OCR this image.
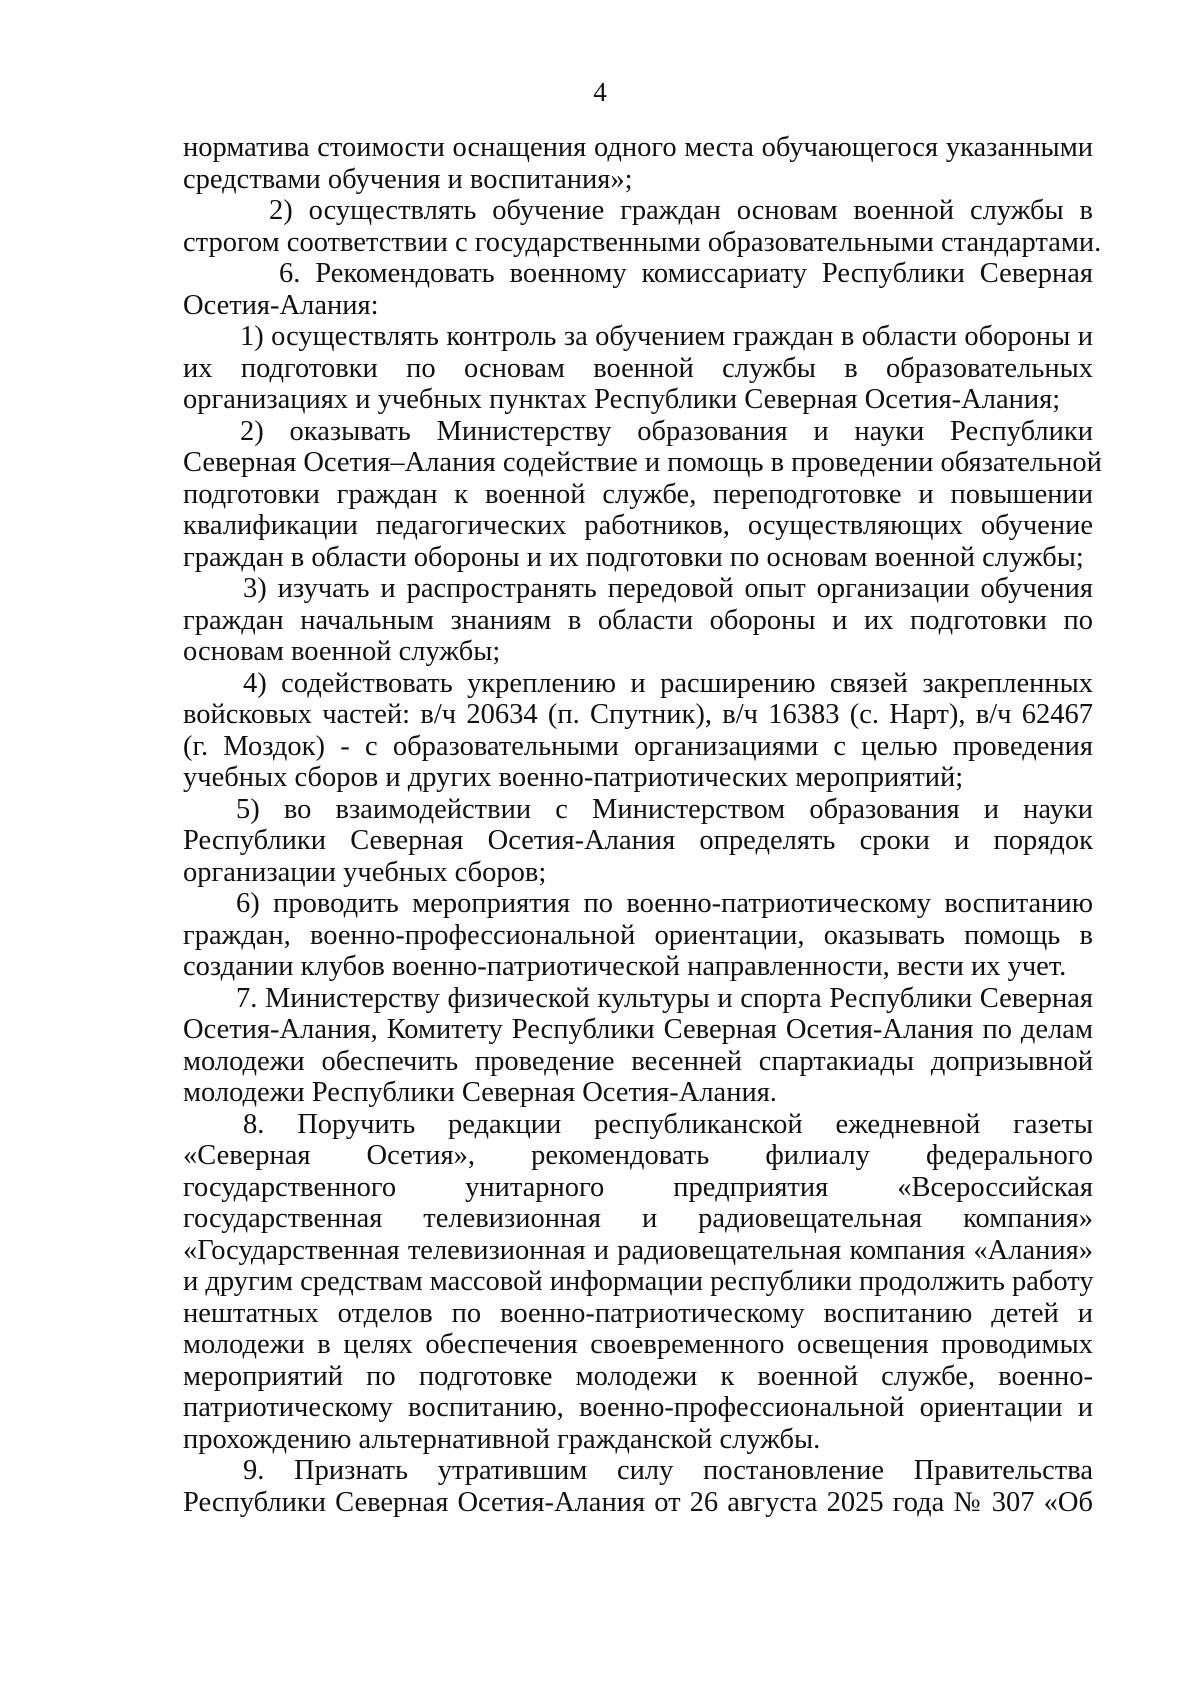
4
норматива стоимости оснащения одного места обучающегося указанными
средствами обучения и воспитания»;
2) осуществлять обучение граждан основам военной службы в
строгом соответствии с государственными образовательными стандартами.
6. Рекомендовать военному комиссариату Республики Северная
Осетия-Алания:
1) осуществлять контроль за обучением граждан в области обороны и
их подготовки по основам военной службы в образовательных
организациях и учебных пунктах Республики Северная Осетия-Алания;
2) оказывать Министерству образования и науки Республики
Северная Осетия–Алания содействие и помощь в проведении обязательной
подготовки граждан к военной службе, переподготовке и повышении
квалификации педагогических работников, осуществляющих обучение
граждан в области обороны и их подготовки по основам военной службы;
3) изучать и распространять передовой опыт организации обучения
граждан начальным знаниям в области обороны и их подготовки по
основам военной службы;
4) содействовать укреплению и расширению связей закрепленных
войсковых частей: в/ч 20634 (п. Спутник), в/ч 16383 (с. Нарт), в/ч 62467
(г. Моздок) - с образовательными организациями с целью проведения
учебных сборов и других военно-патриотических мероприятий;
5) во взаимодействии с Министерством образования и науки
Республики Северная Осетия-Алания определять сроки и порядок
организации учебных сборов;
6) проводить мероприятия по военно-патриотическому воспитанию
граждан, военно-профессиональной ориентации, оказывать помощь в
создании клубов военно-патриотической направленности, вести их учет.
7. Министерству физической культуры и спорта Республики Северная
Осетия-Алания, Комитету Республики Северная Осетия-Алания по делам
молодежи обеспечить проведение весенней спартакиады допризывной
молодежи Республики Северная Осетия-Алания.
8. Поручить редакции республиканской ежедневной газеты
«Северная Осетия», рекомендовать филиалу федерального
государственного унитарного предприятия «Всероссийская
государственная телевизионная и радиовещательная компания»
«Государственная телевизионная и радиовещательная компания «Алания»
и другим средствам массовой информации республики продолжить работу
нештатных отделов по военно-патриотическому воспитанию детей и
молодежи в целях обеспечения своевременного освещения проводимых
мероприятий по подготовке молодежи к военной службе, военно-
патриотическому воспитанию, военно-профессиональной ориентации и
прохождению альтернативной гражданской службы.
9. Признать утратившим силу постановление Правительства
Республики Северная Осетия-Алания от 26 августа 2025 года № 307 «Об
